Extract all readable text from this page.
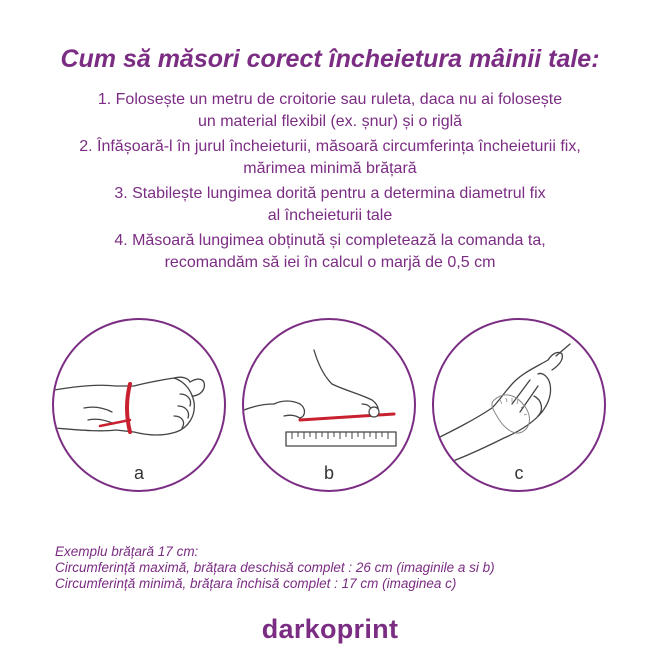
Cum să măsori corect încheietura mâinii tale:
1. Folosește un metru de croitorie sau ruleta, daca nu ai folosește
un material flexibil (ex. șnur) și o riglă
2. Înfășoară-l în jurul încheieturii, măsoară circumferința încheieturii fix,
mărimea minimă brățară
3. Stabilește lungimea dorită pentru a determina diametrul fix
al încheieturii tale
4. Măsoară lungimea obținută și completează la comanda ta,
recomandăm să iei în calcul o marjă de 0,5 cm
a	b	c
Exemplu brățară 17 cm:
Circumferință maximă, brățara deschisă complet : 26 cm (imaginile a si b)
Circumferință minimă, brățara închisă complet : 17 cm (imaginea c)
darkoprint
